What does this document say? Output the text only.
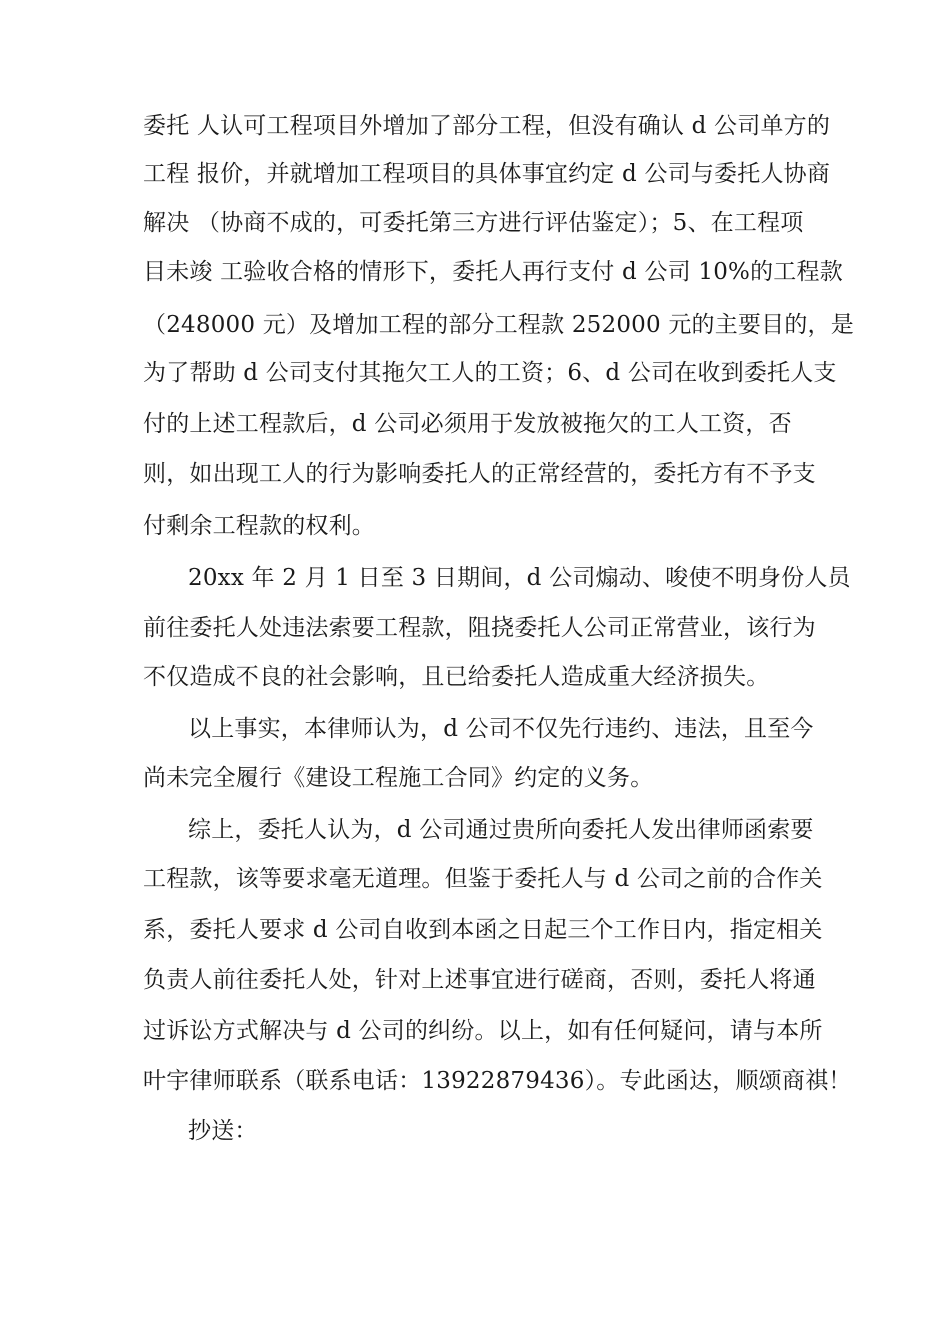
委托 人认可工程项目外增加了部分工程，但没有确认 d 公司单方的
工程 报价，并就增加工程项目的具体事宜约定 d 公司与委托人协商
解决 （协商不成的，可委托第三方进行评估鉴定）；5、在工程项
目未竣 工验收合格的情形下，委托人再行支付 d 公司 10%的工程款
（248000 元）及增加工程的部分工程款 252000 元的主要目的，是
为了帮助 d 公司支付其拖欠工人的工资；6、d 公司在收到委托人支
付的上述工程款后，d 公司必须用于发放被拖欠的工人工资，否
则，如出现工人的行为影响委托人的正常经营的，委托方有不予支
付剩余工程款的权利。
20xx 年 2 月 1 日至 3 日期间，d 公司煽动、唆使不明身份人员
前往委托人处违法索要工程款，阻挠委托人公司正常营业，该行为
不仅造成不良的社会影响，且已给委托人造成重大经济损失。
以上事实，本律师认为，d 公司不仅先行违约、违法，且至今
尚未完全履行《建设工程施工合同》约定的义务。
综上，委托人认为，d 公司通过贵所向委托人发出律师函索要
工程款，该等要求毫无道理。但鉴于委托人与 d 公司之前的合作关
系，委托人要求 d 公司自收到本函之日起三个工作日内，指定相关
负责人前往委托人处，针对上述事宜进行磋商，否则，委托人将通
过诉讼方式解决与 d 公司的纠纷。以上，如有任何疑问，请与本所
叶宇律师联系（联系电话：13922879436）。专此函达，顺颂商祺！
抄送：
